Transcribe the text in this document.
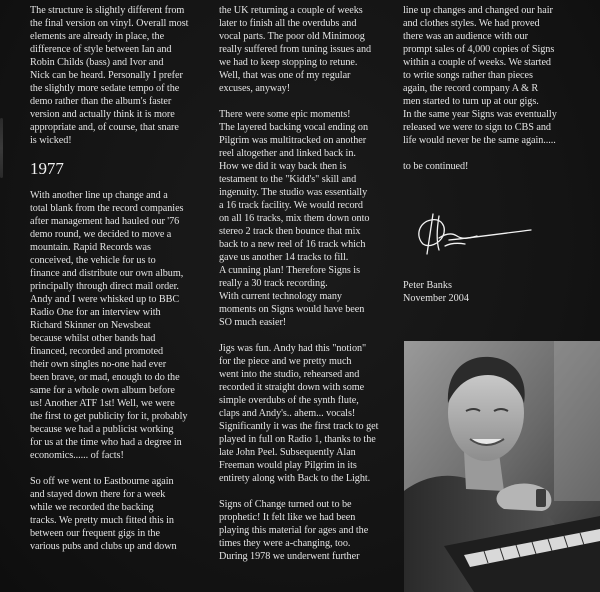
The structure is slightly different from
the final version on vinyl. Overall most
elements are already in place, the
difference of style between Ian and
Robin Childs (bass) and Ivor and
Nick can be heard. Personally I prefer
the slightly more sedate tempo of the
demo rather than the album's faster
version and actually think it is more
appropriate and, of course, that snare
is wicked!

1977

With another line up change and a
total blank from the record companies
after management had hauled our '76
demo round, we decided to move a
mountain. Rapid Records was
conceived, the vehicle for us to
finance and distribute our own album,
principally through direct mail order.
Andy and I were whisked up to BBC
Radio One for an interview with
Richard Skinner on Newsbeat
because whilst other bands had
financed, recorded and promoted
their own singles no-one had ever
been brave, or mad, enough to do the
same for a whole own album before
us! Another ATF 1st! Well, we were
the first to get publicity for it, probably
because we had a publicist working
for us at the time who had a degree in
economics...... of facts!

So off we went to Eastbourne again
and stayed down there for a week
while we recorded the backing
tracks. We pretty much fitted this in
between our frequent gigs in the
various pubs and clubs up and down

the UK returning a couple of weeks
later to finish all the overdubs and
vocal parts. The poor old Minimoog
really suffered from tuning issues and
we had to keep stopping to retune.
Well, that was one of my regular
excuses, anyway!

There were some epic moments!
The layered backing vocal ending on
Pilgrim was multitracked on another
reel altogether and linked back in.
How we did it way back then is
testament to the "Kidd's" skill and
ingenuity. The studio was essentially
a 16 track facility. We would record
on all 16 tracks, mix them down onto
stereo 2 track then bounce that mix
back to a new reel of 16 track which
gave us another 14 tracks to fill.
A cunning plan! Therefore Signs is
really a 30 track recording.
With current technology many
moments on Signs would have been
SO much easier!

Jigs was fun. Andy had this "notion"
for the piece and we pretty much
went into the studio, rehearsed and
recorded it straight down with some
simple overdubs of the synth flute,
claps and Andy's.. ahem... vocals!
Significantly it was the first track to get
played in full on Radio 1, thanks to the
late John Peel. Subsequently Alan
Freeman would play Pilgrim in its
entirety along with Back to the Light.

Signs of Change turned out to be
prophetic! It felt like we had been
playing this material for ages and the
times they were a-changing, too.
During 1978 we underwent further

line up changes and changed our hair
and clothes styles. We had proved
there was an audience with our
prompt sales of 4,000 copies of Signs
within a couple of weeks. We started
to write songs rather than pieces
again, the record company A & R
men started to turn up at our gigs.
In the same year Signs was eventually
released we were to sign to CBS and
life would never be the same again.....

to be continued!

Peter Banks
November 2004
